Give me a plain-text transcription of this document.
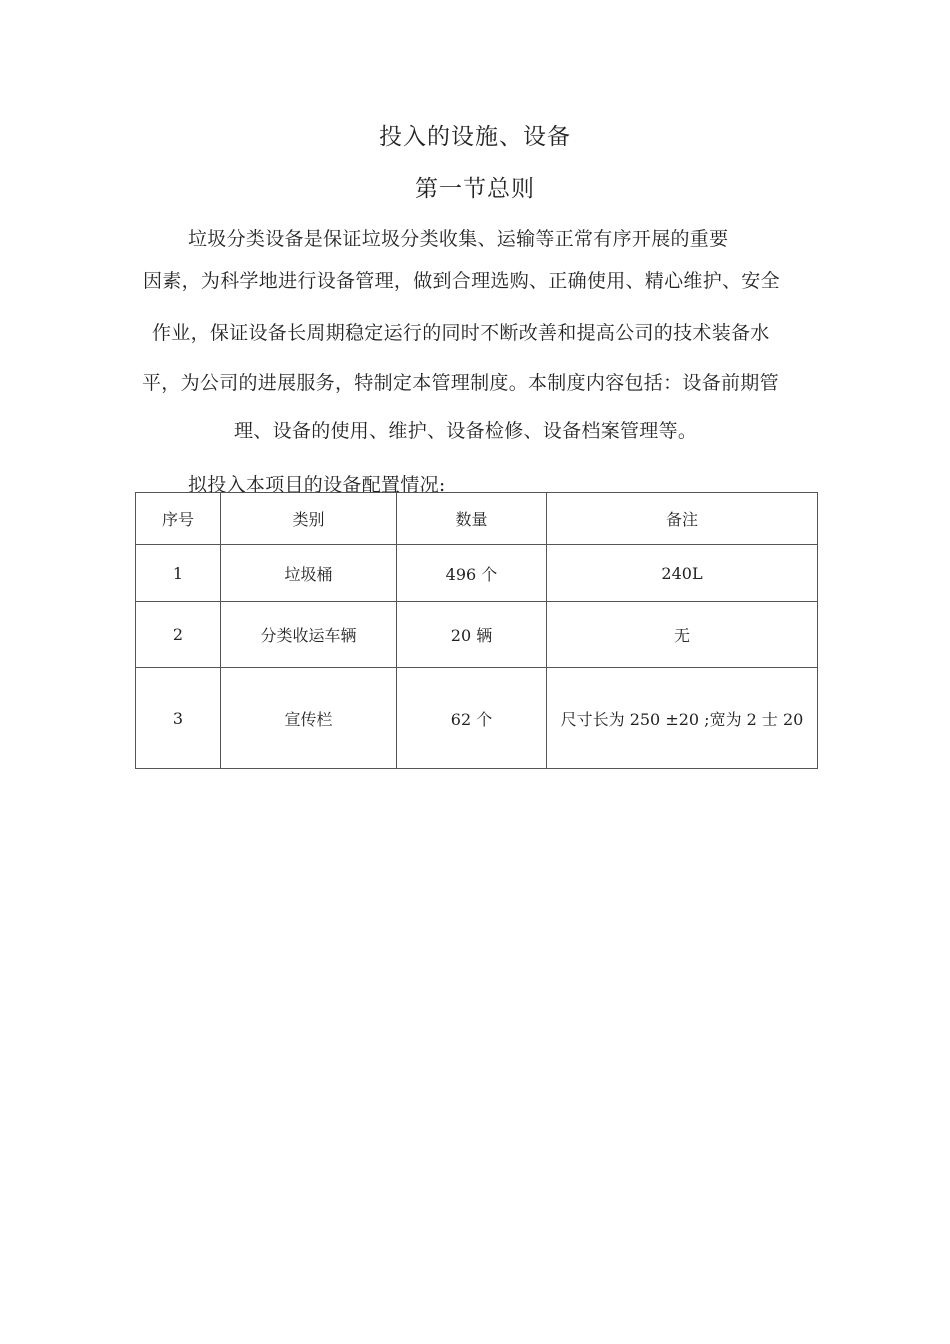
投入的设施、设备
第一节总则
垃圾分类设备是保证垃圾分类收集、运输等正常有序开展的重要
因素，为科学地进行设备管理，做到合理选购、正确使用、精心维护、安全
作业，保证设备长周期稳定运行的同时不断改善和提高公司的技术装备水
平，为公司的进展服务，特制定本管理制度。本制度内容包括：设备前期管
理、设备的使用、维护、设备检修、设备档案管理等。
拟投入本项目的设备配置情况:
序号	类别	数量	备注
1	垃圾桶	496 个	240L
2	分类收运车辆	20 辆	无
3	宣传栏	62 个	尺寸长为 250 ±20 ;宽为 2 士 20
